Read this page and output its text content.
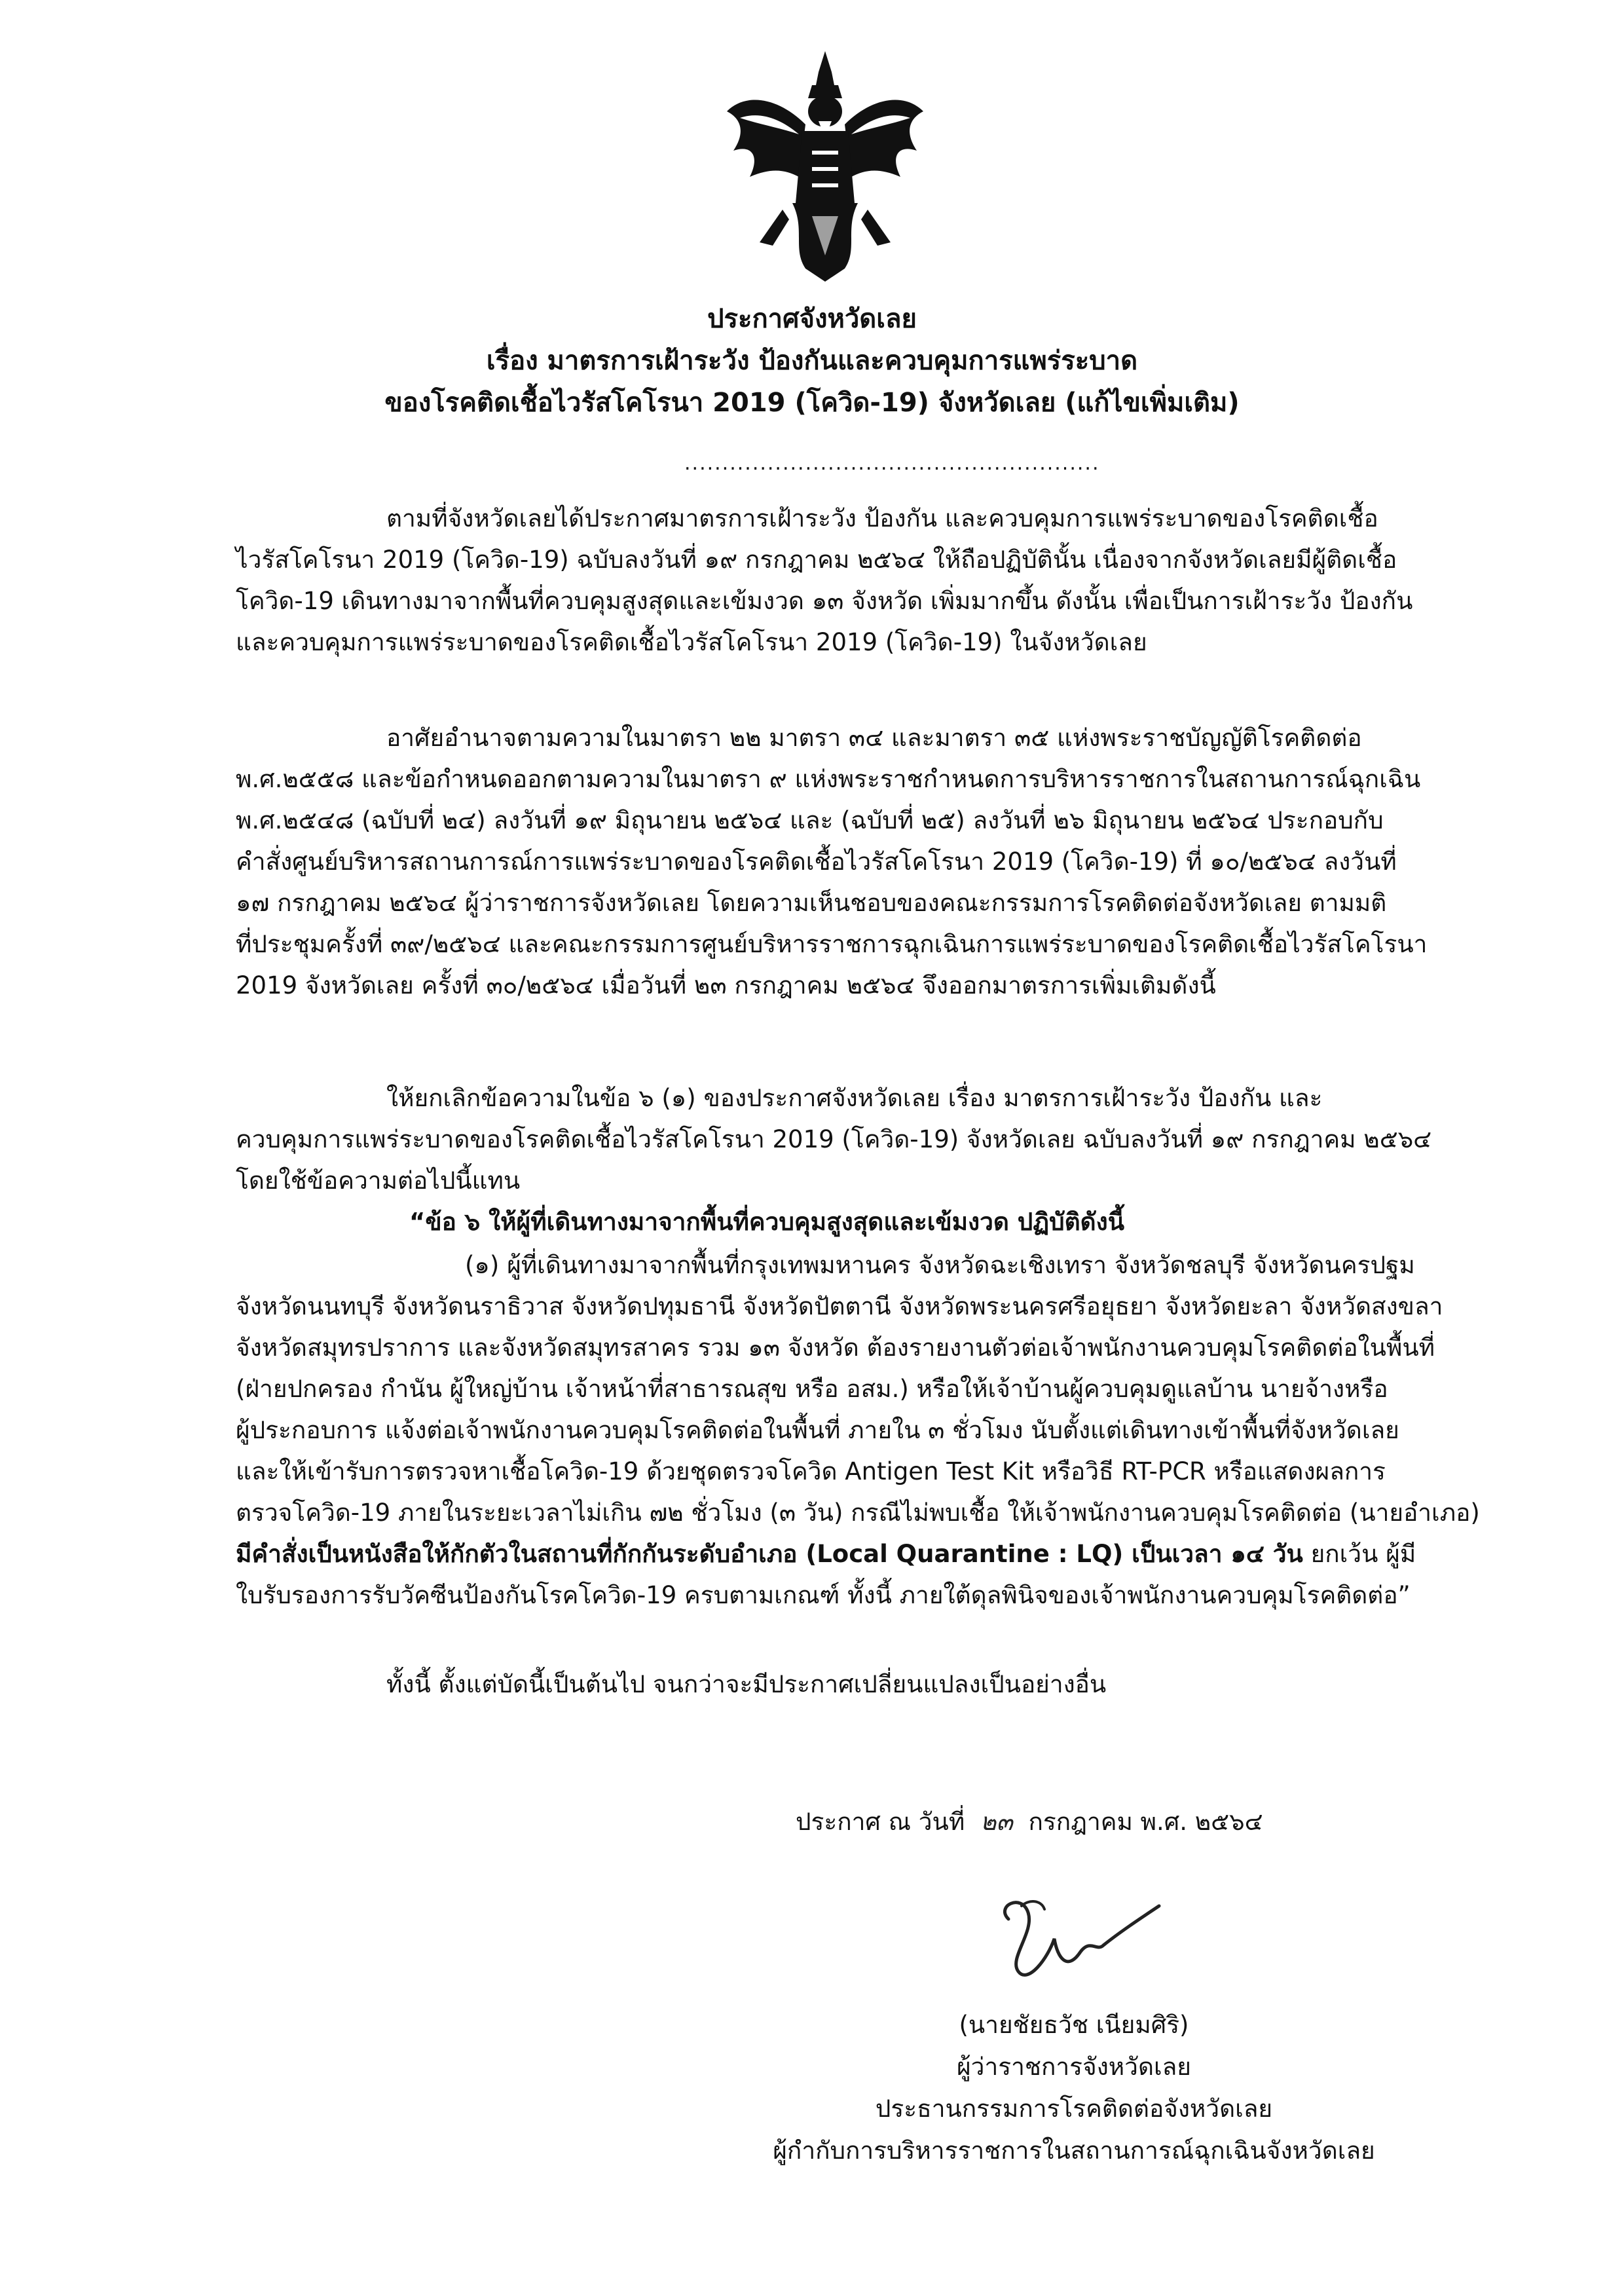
ประกาศจังหวัดเลย
เรื่อง มาตรการเฝ้าระวัง ป้องกันและควบคุมการแพร่ระบาด
ของโรคติดเชื้อไวรัสโคโรนา 2019 (โควิด-19) จังหวัดเลย (แก้ไขเพิ่มเติม)
.......................................................
ตามที่จังหวัดเลยได้ประกาศมาตรการเฝ้าระวัง ป้องกัน และควบคุมการแพร่ระบาดของโรคติดเชื้อ
ไวรัสโคโรนา 2019 (โควิด-19) ฉบับลงวันที่ ๑๙ กรกฎาคม ๒๕๖๔ ให้ถือปฏิบัตินั้น เนื่องจากจังหวัดเลยมีผู้ติดเชื้อ
โควิด-19 เดินทางมาจากพื้นที่ควบคุมสูงสุดและเข้มงวด ๑๓ จังหวัด เพิ่มมากขึ้น ดังนั้น เพื่อเป็นการเฝ้าระวัง ป้องกัน
และควบคุมการแพร่ระบาดของโรคติดเชื้อไวรัสโคโรนา 2019 (โควิด-19) ในจังหวัดเลย
อาศัยอำนาจตามความในมาตรา ๒๒ มาตรา ๓๔ และมาตรา ๓๕ แห่งพระราชบัญญัติโรคติดต่อ
พ.ศ.๒๕๕๘ และข้อกำหนดออกตามความในมาตรา ๙ แห่งพระราชกำหนดการบริหารราชการในสถานการณ์ฉุกเฉิน
พ.ศ.๒๕๔๘ (ฉบับที่ ๒๔) ลงวันที่ ๑๙ มิถุนายน ๒๕๖๔ และ (ฉบับที่ ๒๕) ลงวันที่ ๒๖ มิถุนายน ๒๕๖๔ ประกอบกับ
คำสั่งศูนย์บริหารสถานการณ์การแพร่ระบาดของโรคติดเชื้อไวรัสโคโรนา 2019 (โควิด-19) ที่ ๑๐/๒๕๖๔ ลงวันที่
๑๗ กรกฎาคม ๒๕๖๔ ผู้ว่าราชการจังหวัดเลย โดยความเห็นชอบของคณะกรรมการโรคติดต่อจังหวัดเลย ตามมติ
ที่ประชุมครั้งที่ ๓๙/๒๕๖๔ และคณะกรรมการศูนย์บริหารราชการฉุกเฉินการแพร่ระบาดของโรคติดเชื้อไวรัสโคโรนา
2019 จังหวัดเลย ครั้งที่ ๓๐/๒๕๖๔ เมื่อวันที่ ๒๓ กรกฎาคม ๒๕๖๔ จึงออกมาตรการเพิ่มเติมดังนี้
ให้ยกเลิกข้อความในข้อ ๖ (๑) ของประกาศจังหวัดเลย เรื่อง มาตรการเฝ้าระวัง ป้องกัน และ
ควบคุมการแพร่ระบาดของโรคติดเชื้อไวรัสโคโรนา 2019 (โควิด-19) จังหวัดเลย ฉบับลงวันที่ ๑๙ กรกฎาคม ๒๕๖๔
โดยใช้ข้อความต่อไปนี้แทน
“ข้อ ๖ ให้ผู้ที่เดินทางมาจากพื้นที่ควบคุมสูงสุดและเข้มงวด ปฏิบัติดังนี้
(๑) ผู้ที่เดินทางมาจากพื้นที่กรุงเทพมหานคร จังหวัดฉะเชิงเทรา จังหวัดชลบุรี จังหวัดนครปฐม
จังหวัดนนทบุรี จังหวัดนราธิวาส จังหวัดปทุมธานี จังหวัดปัตตานี จังหวัดพระนครศรีอยุธยา จังหวัดยะลา จังหวัดสงขลา
จังหวัดสมุทรปราการ และจังหวัดสมุทรสาคร รวม ๑๓ จังหวัด ต้องรายงานตัวต่อเจ้าพนักงานควบคุมโรคติดต่อในพื้นที่
(ฝ่ายปกครอง กำนัน ผู้ใหญ่บ้าน เจ้าหน้าที่สาธารณสุข หรือ อสม.) หรือให้เจ้าบ้านผู้ควบคุมดูแลบ้าน นายจ้างหรือ
ผู้ประกอบการ แจ้งต่อเจ้าพนักงานควบคุมโรคติดต่อในพื้นที่ ภายใน ๓ ชั่วโมง นับตั้งแต่เดินทางเข้าพื้นที่จังหวัดเลย
และให้เข้ารับการตรวจหาเชื้อโควิด-19 ด้วยชุดตรวจโควิด Antigen Test Kit หรือวิธี RT-PCR หรือแสดงผลการ
ตรวจโควิด-19 ภายในระยะเวลาไม่เกิน ๗๒ ชั่วโมง (๓ วัน) กรณีไม่พบเชื้อ ให้เจ้าพนักงานควบคุมโรคติดต่อ (นายอำเภอ)
มีคำสั่งเป็นหนังสือให้กักตัวในสถานที่กักกันระดับอำเภอ (Local Quarantine : LQ) เป็นเวลา ๑๔ วัน ยกเว้น ผู้มี
ใบรับรองการรับวัคซีนป้องกันโรคโควิด-19 ครบตามเกณฑ์ ทั้งนี้ ภายใต้ดุลพินิจของเจ้าพนักงานควบคุมโรคติดต่อ”
ทั้งนี้ ตั้งแต่บัดนี้เป็นต้นไป จนกว่าจะมีประกาศเปลี่ยนแปลงเป็นอย่างอื่น
ประกาศ ณ วันที่ ๒๓ กรกฎาคม พ.ศ. ๒๕๖๔
(นายชัยธวัช เนียมศิริ)
ผู้ว่าราชการจังหวัดเลย
ประธานกรรมการโรคติดต่อจังหวัดเลย
ผู้กำกับการบริหารราชการในสถานการณ์ฉุกเฉินจังหวัดเลย
